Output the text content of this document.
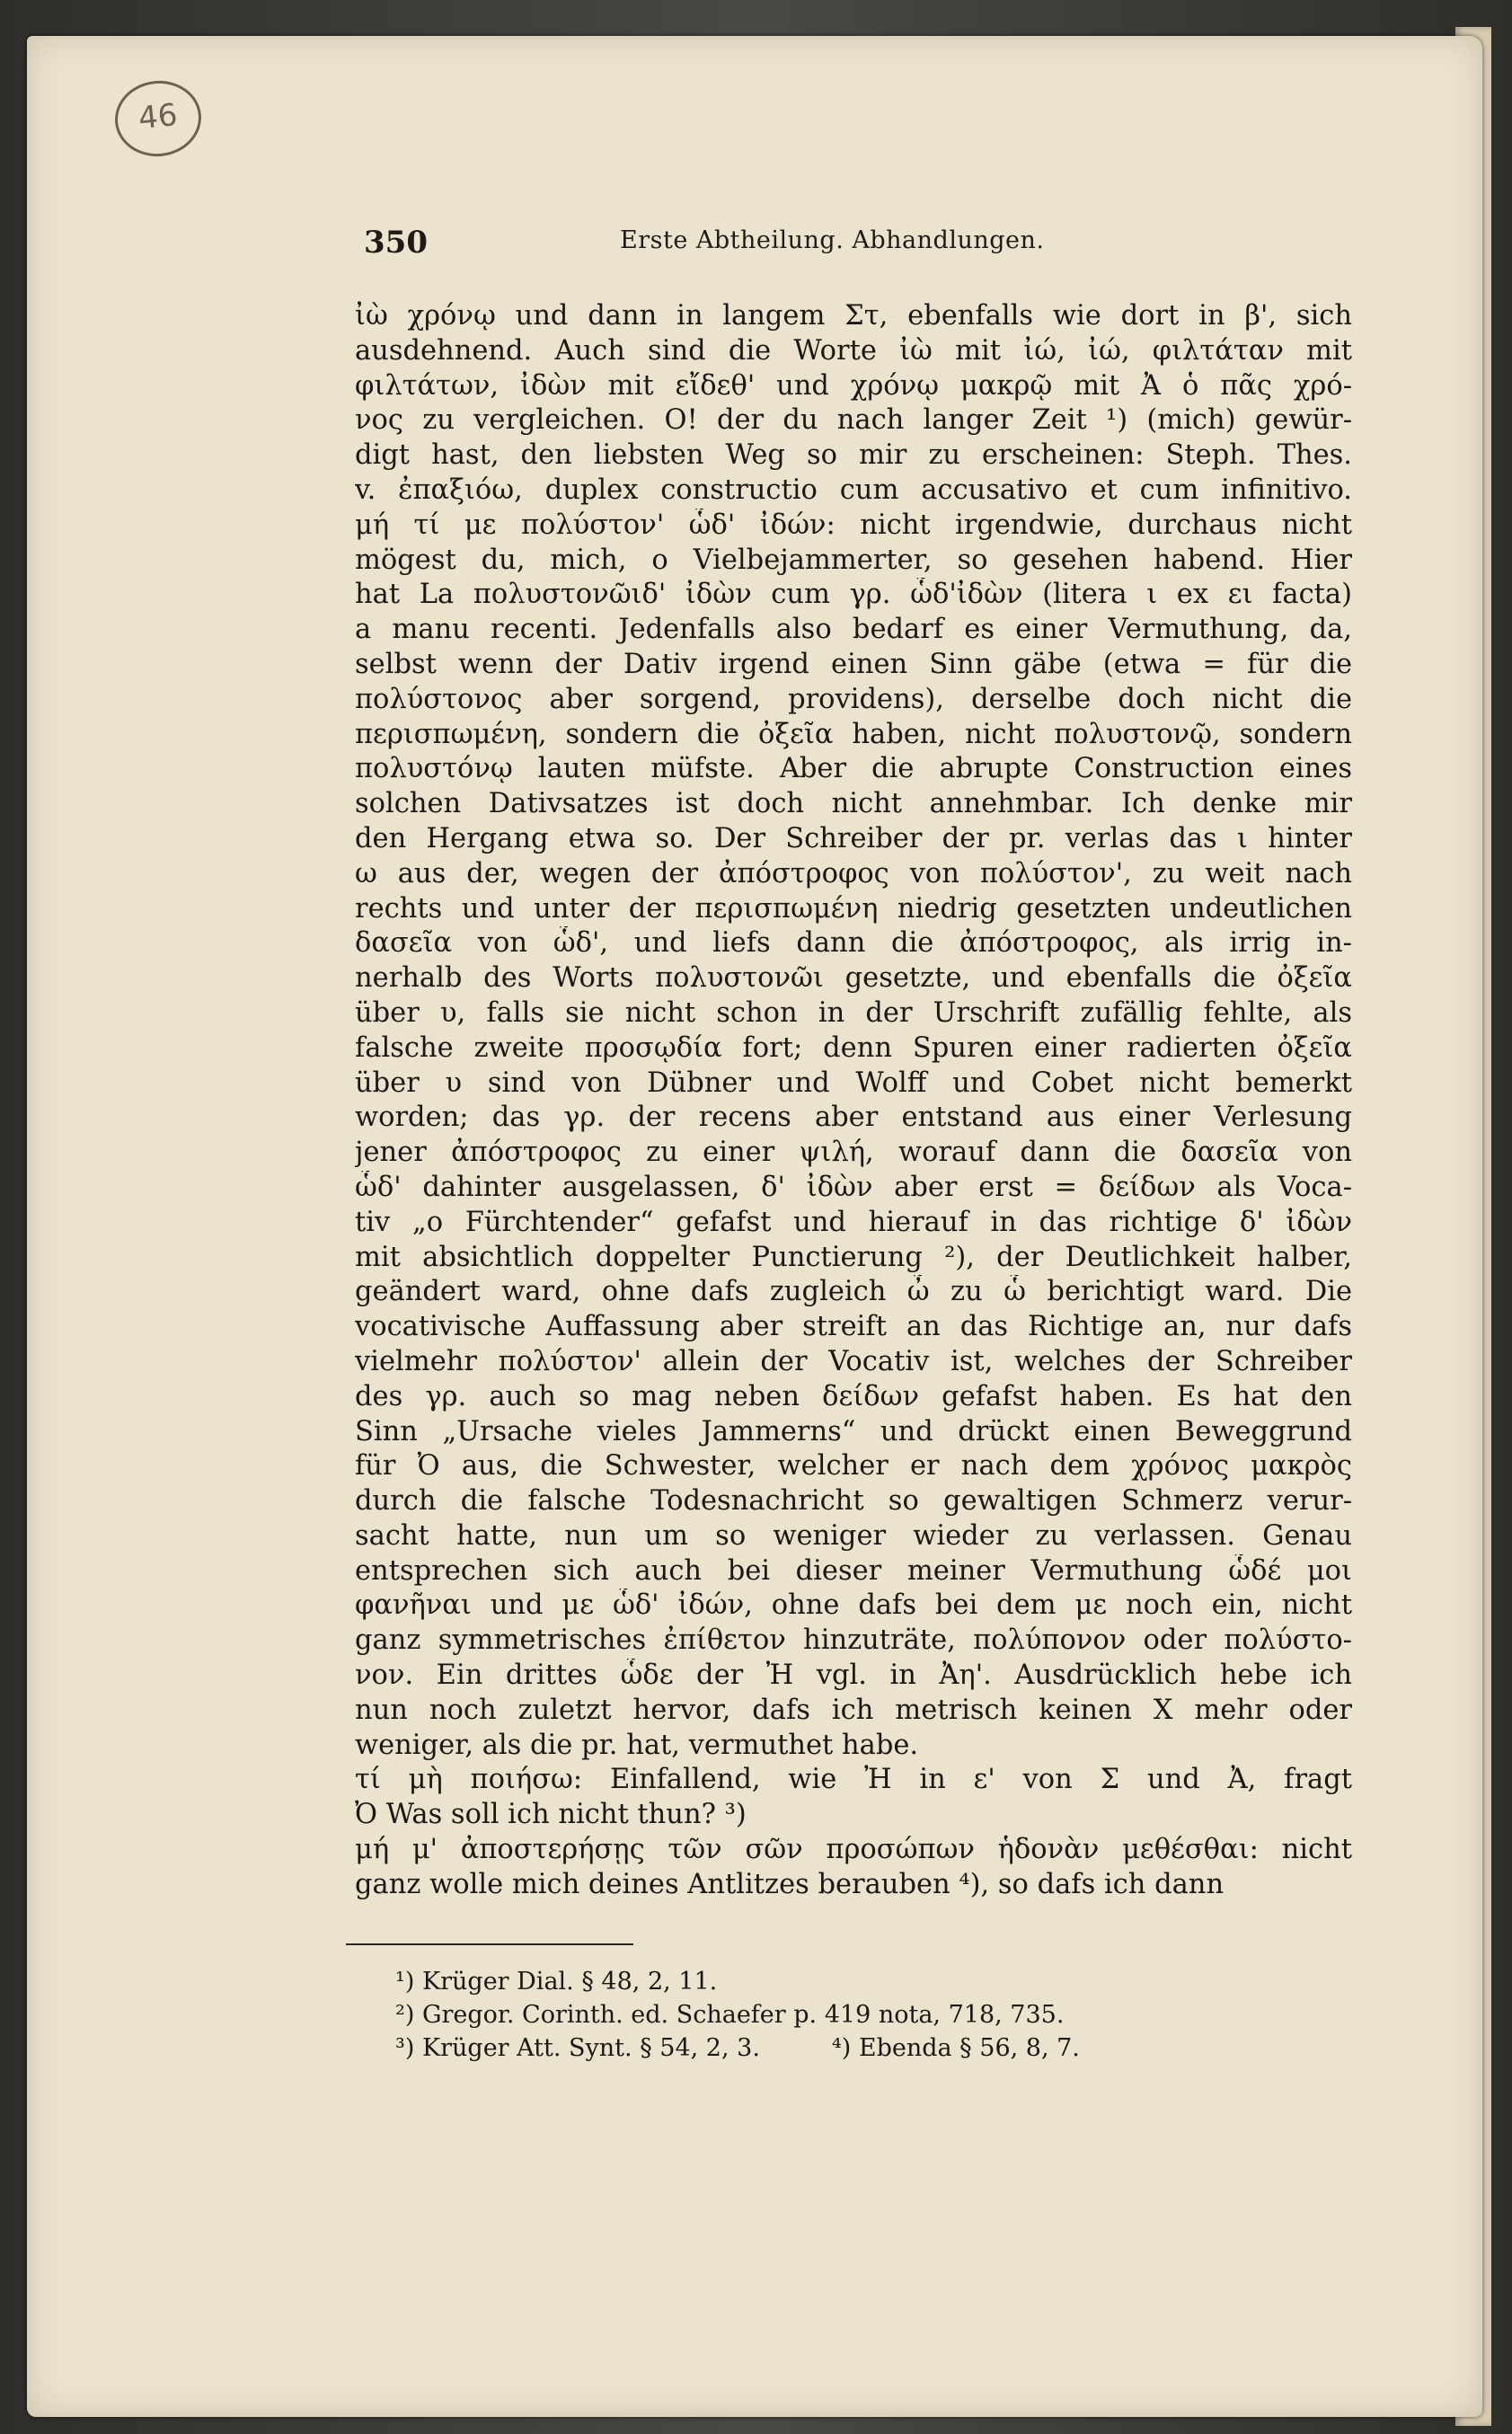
46
350	Erste Abtheilung. Abhandlungen.
ἰὼ χρόνῳ und dann in langem Στ, ebenfalls wie dort in β', sich
ausdehnend. Auch sind die Worte ἰὼ mit ἰώ, ἰώ, φιλτάταν mit
φιλτάτων, ἰδὼν mit εἴδεθ' und χρόνῳ μακρῷ mit Ἀ ὁ πᾶς χρό-
νος zu vergleichen. O! der du nach langer Zeit ¹) (mich) gewür-
digt hast, den liebsten Weg so mir zu erscheinen: Steph. Thes.
v. ἐπαξιόω, duplex constructio cum accusativo et cum infinitivo.
μή τί με πολύστον' ὧδ' ἰδών: nicht irgendwie, durchaus nicht
mögest du, mich, o Vielbejammerter, so gesehen habend. Hier
hat La πολυστονῶιδ' ἰδὼν cum γρ. ὧδ'ἰδὼν (litera ι ex ει facta)
a manu recenti. Jedenfalls also bedarf es einer Vermuthung, da,
selbst wenn der Dativ irgend einen Sinn gäbe (etwa = für die
πολύστονος aber sorgend, providens), derselbe doch nicht die
περισπωμένη, sondern die ὀξεῖα haben, nicht πολυστονῷ, sondern
πολυστόνῳ lauten müfste. Aber die abrupte Construction eines
solchen Dativsatzes ist doch nicht annehmbar. Ich denke mir
den Hergang etwa so. Der Schreiber der pr. verlas das ι hinter
ω aus der, wegen der ἀπόστροφος von πολύστον', zu weit nach
rechts und unter der περισπωμένη niedrig gesetzten undeutlichen
δασεῖα von ὧδ', und liefs dann die ἀπόστροφος, als irrig in-
nerhalb des Worts πολυστονῶι gesetzte, und ebenfalls die ὀξεῖα
über υ, falls sie nicht schon in der Urschrift zufällig fehlte, als
falsche zweite προσῳδία fort; denn Spuren einer radierten ὀξεῖα
über υ sind von Dübner und Wolff und Cobet nicht bemerkt
worden; das γρ. der recens aber entstand aus einer Verlesung
jener ἀπόστροφος zu einer ψιλή, worauf dann die δασεῖα von
ὧδ' dahinter ausgelassen, δ' ἰδὼν aber erst = δείδων als Voca-
tiv „o Fürchtender“ gefafst und hierauf in das richtige δ' ἰδὼν
mit absichtlich doppelter Punctierung ²), der Deutlichkeit halber,
geändert ward, ohne dafs zugleich ὦ zu ὧ berichtigt ward. Die
vocativische Auffassung aber streift an das Richtige an, nur dafs
vielmehr πολύστον' allein der Vocativ ist, welches der Schreiber
des γρ. auch so mag neben δείδων gefafst haben. Es hat den
Sinn „Ursache vieles Jammerns“ und drückt einen Beweggrund
für Ὀ aus, die Schwester, welcher er nach dem χρόνος μακρὸς
durch die falsche Todesnachricht so gewaltigen Schmerz verur-
sacht hatte, nun um so weniger wieder zu verlassen. Genau
entsprechen sich auch bei dieser meiner Vermuthung ὧδέ μοι
φανῆναι und με ὧδ' ἰδών, ohne dafs bei dem με noch ein, nicht
ganz symmetrisches ἐπίθετον hinzuträte, πολύπονον oder πολύστο-
νον. Ein drittes ὧδε der Ἠ vgl. in Ἀη'. Ausdrücklich hebe ich
nun noch zuletzt hervor, dafs ich metrisch keinen X mehr oder
weniger, als die pr. hat, vermuthet habe.
τί μὴ ποιήσω: Einfallend, wie Ἠ in ε' von Σ und Ἀ, fragt
Ὀ Was soll ich nicht thun? ³)
μή μ' ἀποστερήσῃς τῶν σῶν προσώπων ἡδονὰν μεθέσθαι: nicht
ganz wolle mich deines Antlitzes berauben ⁴), so dafs ich dann
¹) Krüger Dial. § 48, 2, 11.
²) Gregor. Corinth. ed. Schaefer p. 419 nota, 718, 735.
³) Krüger Att. Synt. § 54, 2, 3.	⁴) Ebenda § 56, 8, 7.
